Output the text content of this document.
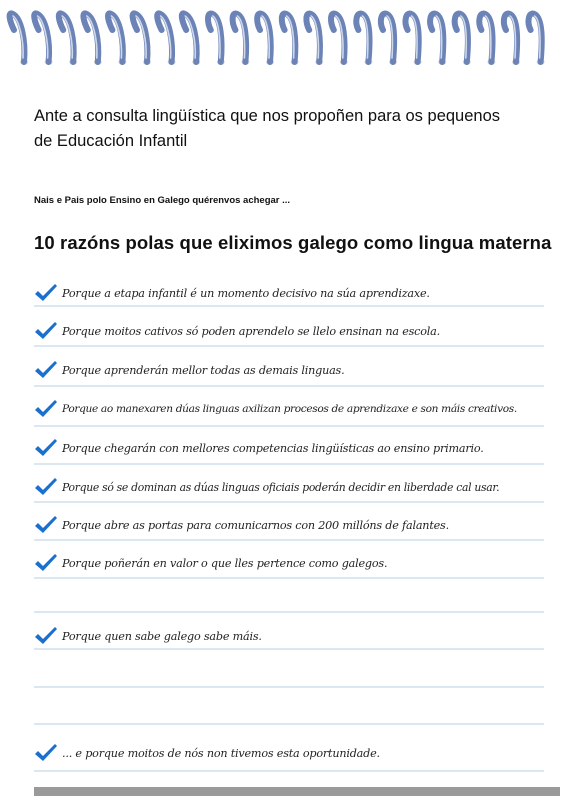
Ante a consulta lingüística que nos propoñen para os pequenos
de Educación Infantil
Nais e Pais polo Ensino en Galego quérenvos achegar ...
10 razóns polas que eliximos galego como lingua materna
Porque a etapa infantil é un momento decisivo na súa aprendizaxe.
Porque moitos cativos só poden aprendelo se llelo ensinan na escola.
Porque aprenderán mellor todas as demais linguas.
Porque ao manexaren dúas linguas axilizan procesos de aprendizaxe e son máis creativos.
Porque chegarán con mellores competencias lingüísticas ao ensino primario.
Porque só se dominan as dúas linguas oficiais poderán decidir en liberdade cal usar.
Porque abre as portas para comunicarnos con 200 millóns de falantes.
Porque poñerán en valor o que lles pertence como galegos.
Porque quen sabe galego sabe máis.
... e porque moitos de nós non tivemos esta oportunidade.
